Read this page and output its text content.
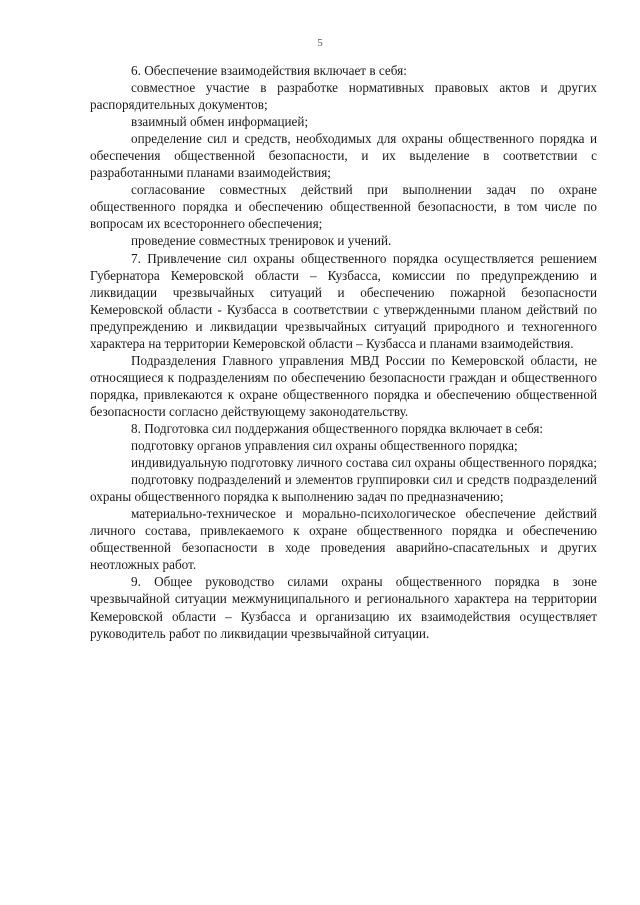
5

6. Обеспечение взаимодействия включает в себя:

совместное участие в разработке нормативных правовых актов и других распорядительных документов;

взаимный обмен информацией;

определение сил и средств, необходимых для охраны общественного порядка и обеспечения общественной безопасности, и их выделение в соответствии с разработанными планами взаимодействия;

согласование совместных действий при выполнении задач по охране общественного порядка и обеспечению общественной безопасности, в том числе по вопросам их всестороннего обеспечения;

проведение совместных тренировок и учений.

7. Привлечение сил охраны общественного порядка осуществляется решением Губернатора Кемеровской области – Кузбасса, комиссии по предупреждению и ликвидации чрезвычайных ситуаций и обеспечению пожарной безопасности Кемеровской области - Кузбасса в соответствии с утвержденными планом действий по предупреждению и ликвидации чрезвычайных ситуаций природного и техногенного характера на территории Кемеровской области – Кузбасса и планами взаимодействия.

Подразделения Главного управления МВД России по Кемеровской области, не относящиеся к подразделениям по обеспечению безопасности граждан и общественного порядка, привлекаются к охране общественного порядка и обеспечению общественной безопасности согласно действующему законодательству.

8. Подготовка сил поддержания общественного порядка включает в себя:

подготовку органов управления сил охраны общественного порядка;

индивидуальную подготовку личного состава сил охраны общественного порядка;

подготовку подразделений и элементов группировки сил и средств подразделений охраны общественного порядка к выполнению задач по предназначению;

материально-техническое и морально-психологическое обеспечение действий личного состава, привлекаемого к охране общественного порядка и обеспечению общественной безопасности в ходе проведения аварийно-спасательных и других неотложных работ.

9. Общее руководство силами охраны общественного порядка в зоне чрезвычайной ситуации межмуниципального и регионального характера на территории Кемеровской области – Кузбасса и организацию их взаимодействия осуществляет руководитель работ по ликвидации чрезвычайной ситуации.
